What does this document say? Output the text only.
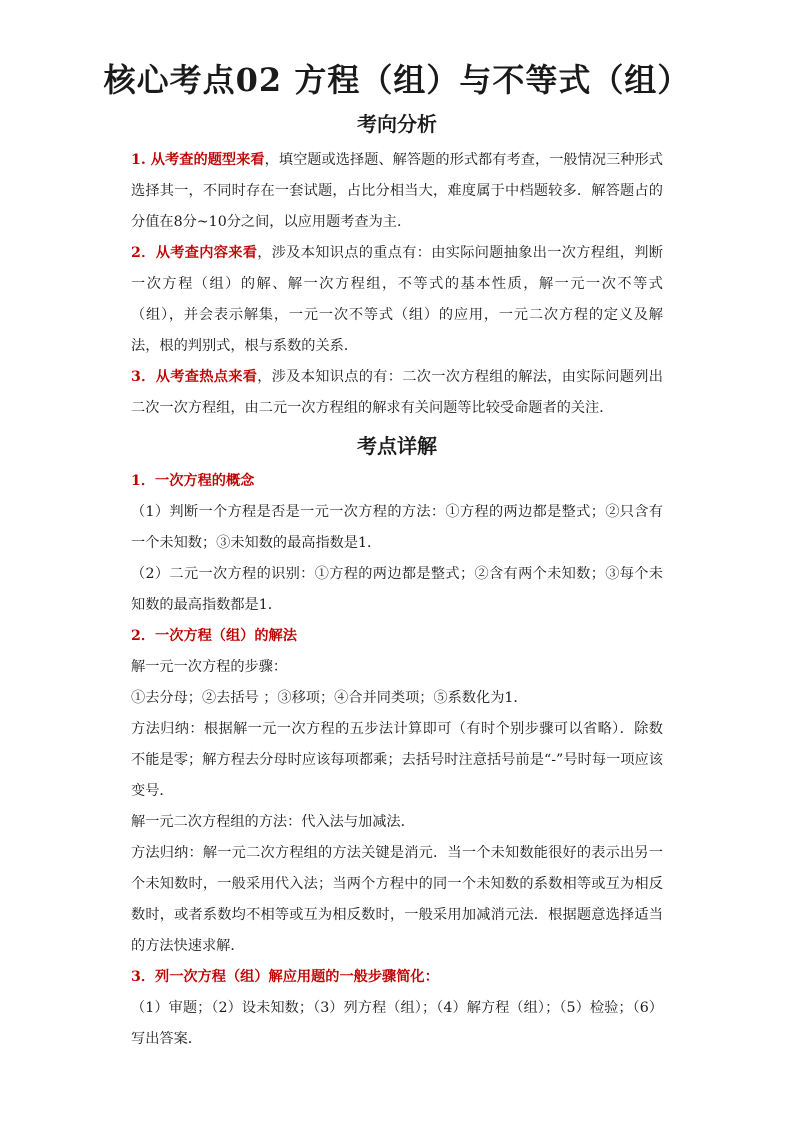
核心考点02 方程（组）与不等式（组）
考向分析

1. 从考查的题型来看，填空题或选择题、解答题的形式都有考查，一般情况三种形式选择其一，不同时存在一套试题，占比分相当大，难度属于中档题较多．解答题占的分值在8分~10分之间，以应用题考查为主．

2．从考查内容来看，涉及本知识点的重点有：由实际问题抽象出一次方程组，判断一次方程（组）的解、解一次方程组，不等式的基本性质，解一元一次不等式（组），并会表示解集，一元一次不等式（组）的应用，一元二次方程的定义及解法，根的判别式，根与系数的关系．

3．从考查热点来看，涉及本知识点的有：二次一次方程组的解法，由实际问题列出二次一次方程组，由二元一次方程组的解求有关问题等比较受命题者的关注．

考点详解

1．一次方程的概念

（1）判断一个方程是否是一元一次方程的方法：①方程的两边都是整式；②只含有一个未知数；③未知数的最高指数是1．

（2）二元一次方程的识别：①方程的两边都是整式；②含有两个未知数；③每个未知数的最高指数都是1．

2．一次方程（组）的解法

解一元一次方程的步骤：

①去分母；②去括号 ；③移项；④合并同类项；⑤系数化为1．

方法归纳：根据解一元一次方程的五步法计算即可（有时个别步骤可以省略）．除数不能是零；解方程去分母时应该每项都乘；去括号时注意括号前是“-”号时每一项应该变号．

解一元二次方程组的方法：代入法与加减法．

方法归纳：解一元二次方程组的方法关键是消元．当一个未知数能很好的表示出另一个未知数时，一般采用代入法；当两个方程中的同一个未知数的系数相等或互为相反数时，或者系数均不相等或互为相反数时，一般采用加减消元法．根据题意选择适当的方法快速求解．

3．列一次方程（组）解应用题的一般步骤简化：

（1）审题；（2）设未知数；（3）列方程（组）；（4）解方程（组）；（5）检验；（6）写出答案．
